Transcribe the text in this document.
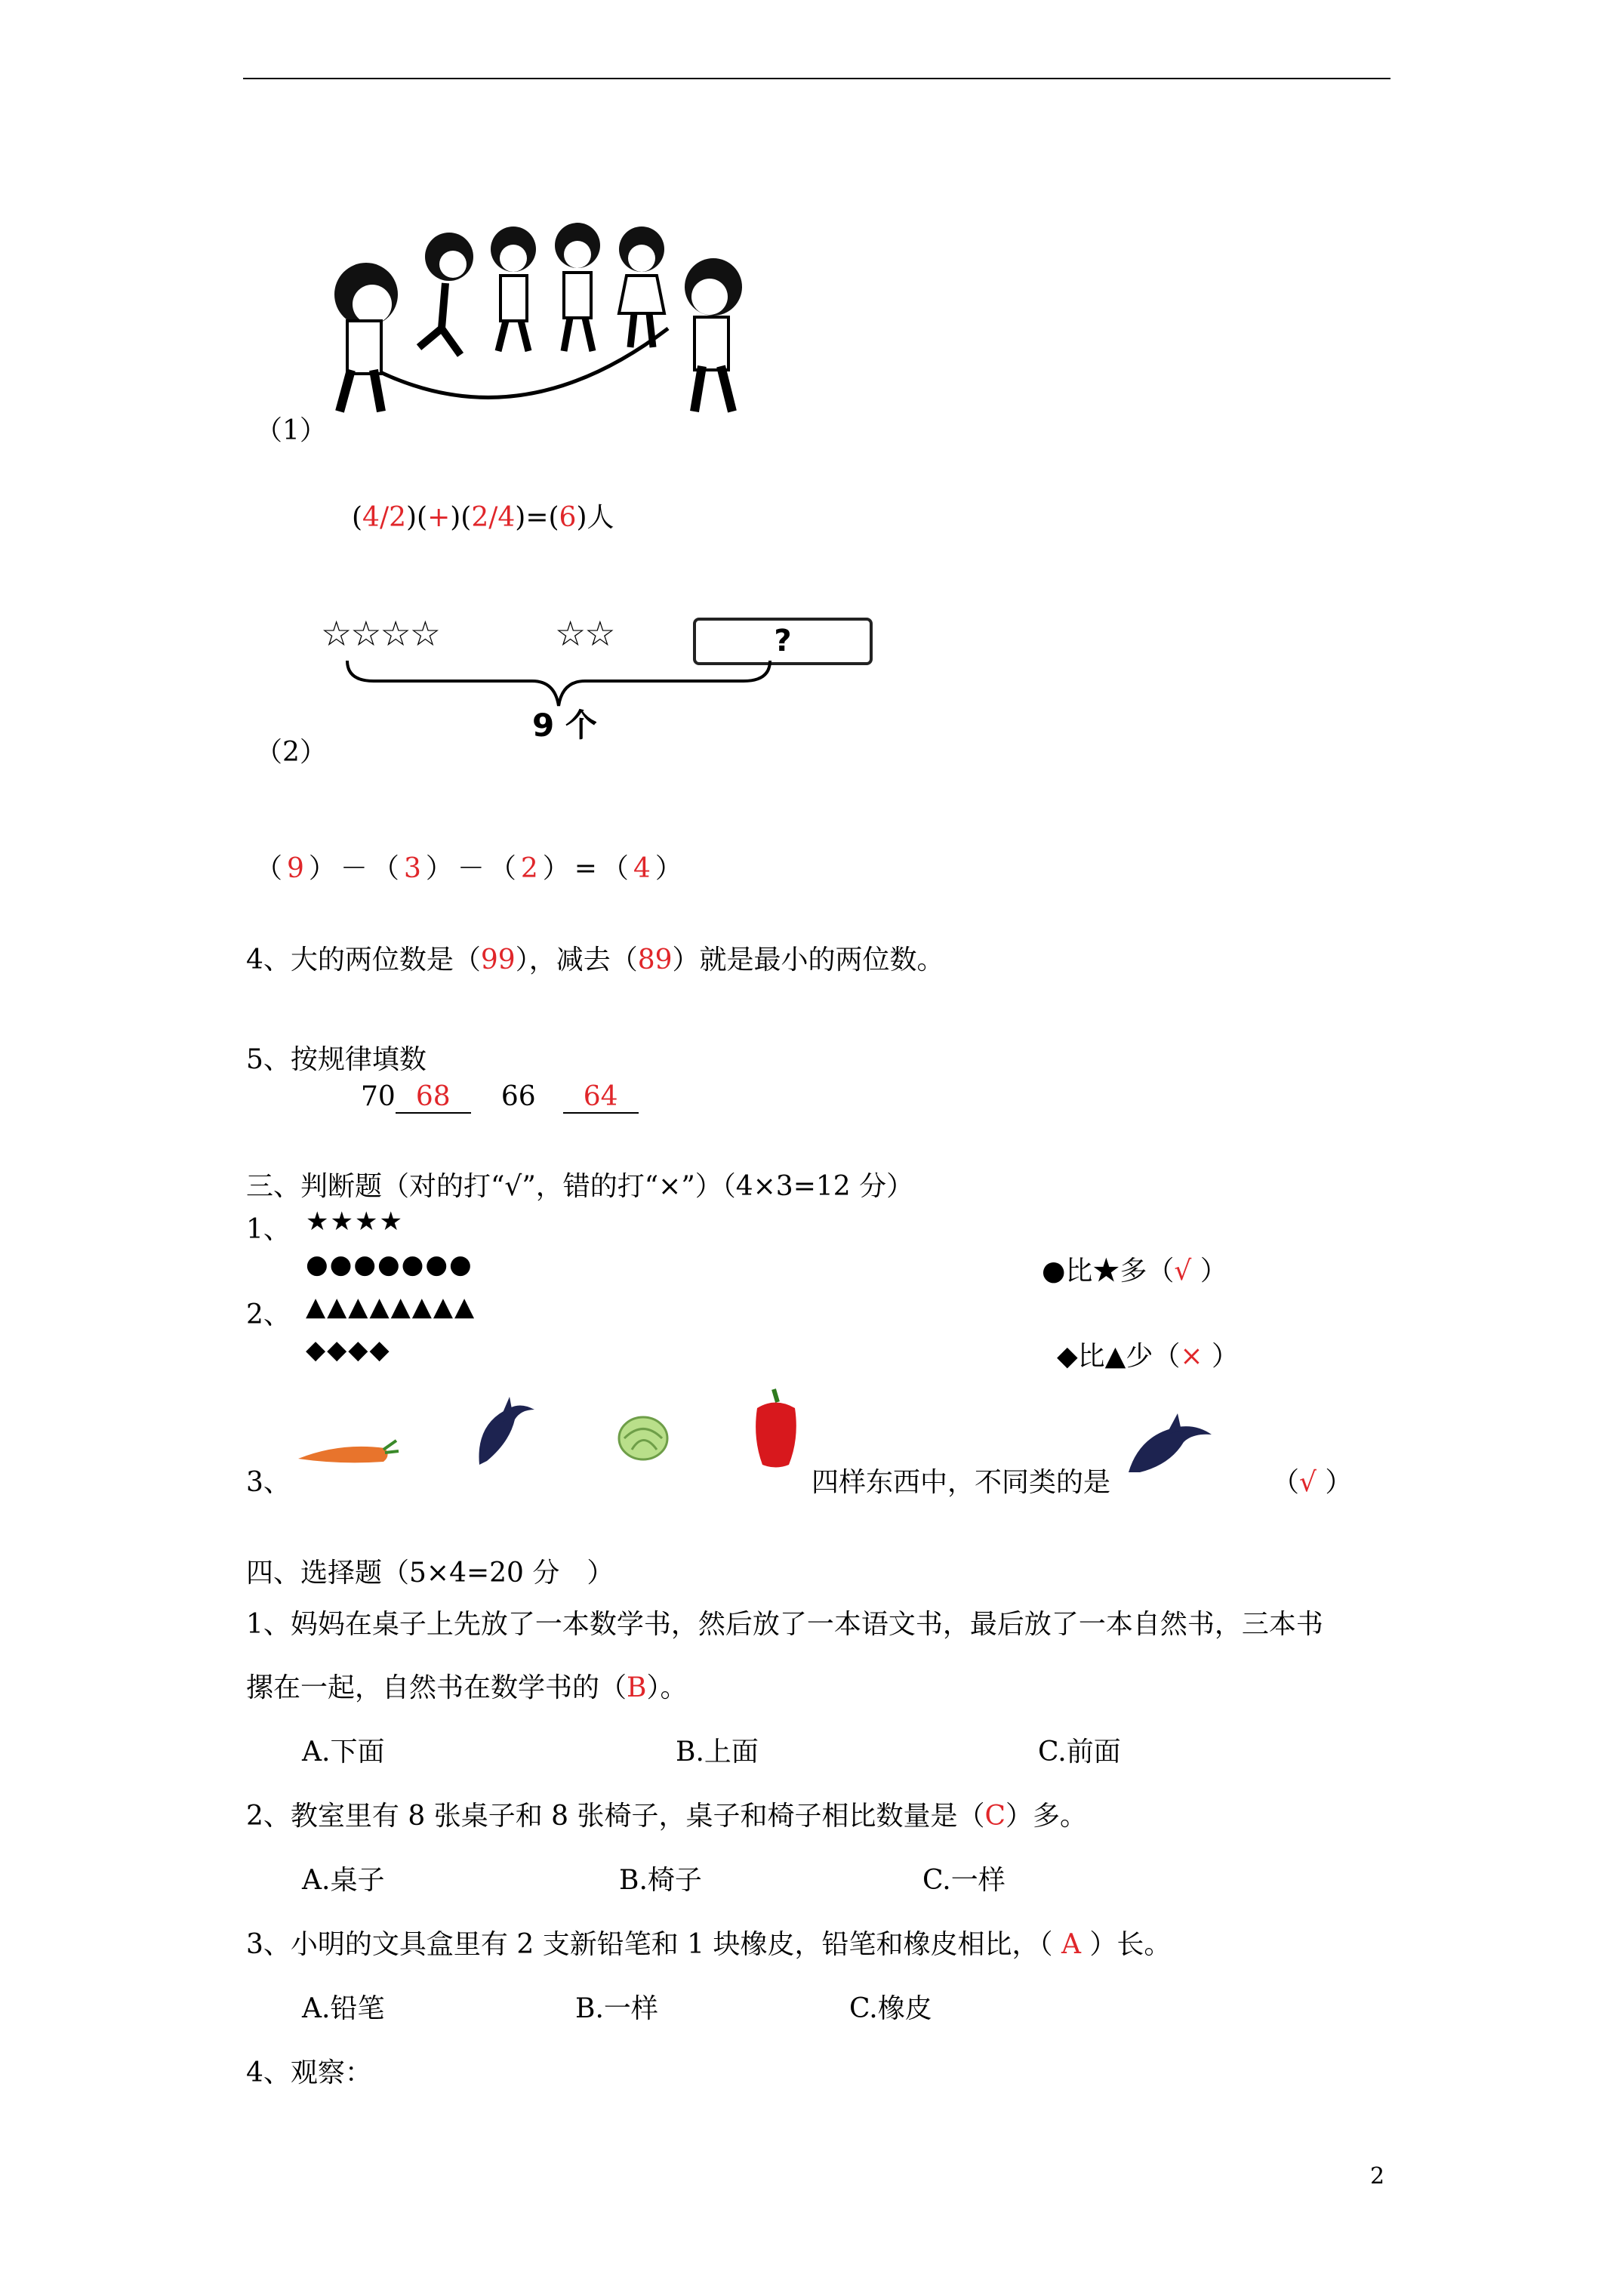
（1）
(4/2)(+)(2/4)=(6)人
☆☆☆☆	☆☆	?
9 个
（2）
（9）－（3）－（2）=（4）
4、大的两位数是（99），减去（89）就是最小的两位数。
5、按规律填数
70 68 66 64
三、判断题（对的打“√”，错的打“×”）（4×3=12 分）
1、 ★★★★
●●●●●●●	●比★多（√ ）
2、 ▲▲▲▲▲▲▲▲
◆◆◆◆	◆比▲少（× ）
3、	四样东西中，不同类的是	（√ ）
四、选择题（5×4=20 分　）
1、妈妈在桌子上先放了一本数学书，然后放了一本语文书，最后放了一本自然书，三本书
摞在一起，自然书在数学书的（B）。
A.下面	B.上面	C.前面
2、教室里有 8 张桌子和 8 张椅子，桌子和椅子相比数量是（C）多。
A.桌子	B.椅子	C.一样
3、小明的文具盒里有 2 支新铅笔和 1 块橡皮，铅笔和橡皮相比，（ A ）长。
A.铅笔	B.一样	C.橡皮
4、观察：
2
